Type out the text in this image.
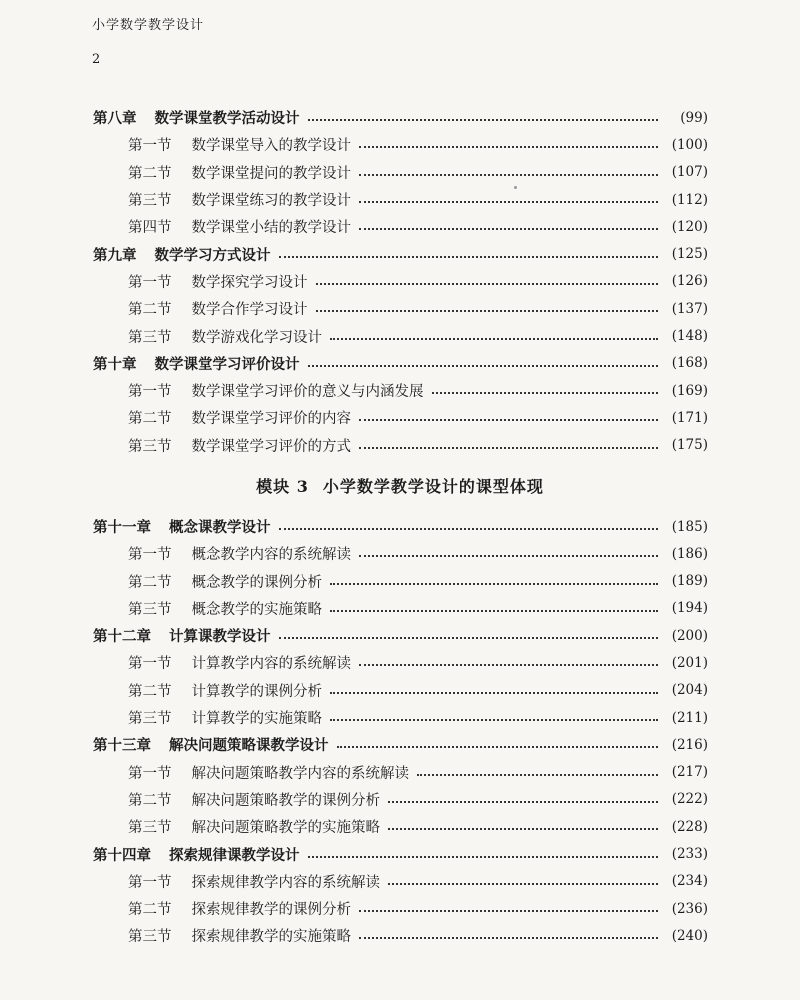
小学数学教学设计
2
第八章 数学课堂教学活动设计	(99)
第一节 数学课堂导入的教学设计	(100)
第二节 数学课堂提问的教学设计	(107)
第三节 数学课堂练习的教学设计	(112)
第四节 数学课堂小结的教学设计	(120)
第九章 数学学习方式设计	(125)
第一节 数学探究学习设计	(126)
第二节 数学合作学习设计	(137)
第三节 数学游戏化学习设计	(148)
第十章 数学课堂学习评价设计	(168)
第一节 数学课堂学习评价的意义与内涵发展	(169)
第二节 数学课堂学习评价的内容	(171)
第三节 数学课堂学习评价的方式	(175)
模块 3 小学数学教学设计的课型体现
第十一章 概念课教学设计	(185)
第一节 概念教学内容的系统解读	(186)
第二节 概念教学的课例分析	(189)
第三节 概念教学的实施策略	(194)
第十二章 计算课教学设计	(200)
第一节 计算教学内容的系统解读	(201)
第二节 计算教学的课例分析	(204)
第三节 计算教学的实施策略	(211)
第十三章 解决问题策略课教学设计	(216)
第一节 解决问题策略教学内容的系统解读	(217)
第二节 解决问题策略教学的课例分析	(222)
第三节 解决问题策略教学的实施策略	(228)
第十四章 探索规律课教学设计	(233)
第一节 探索规律教学内容的系统解读	(234)
第二节 探索规律教学的课例分析	(236)
第三节 探索规律教学的实施策略	(240)
